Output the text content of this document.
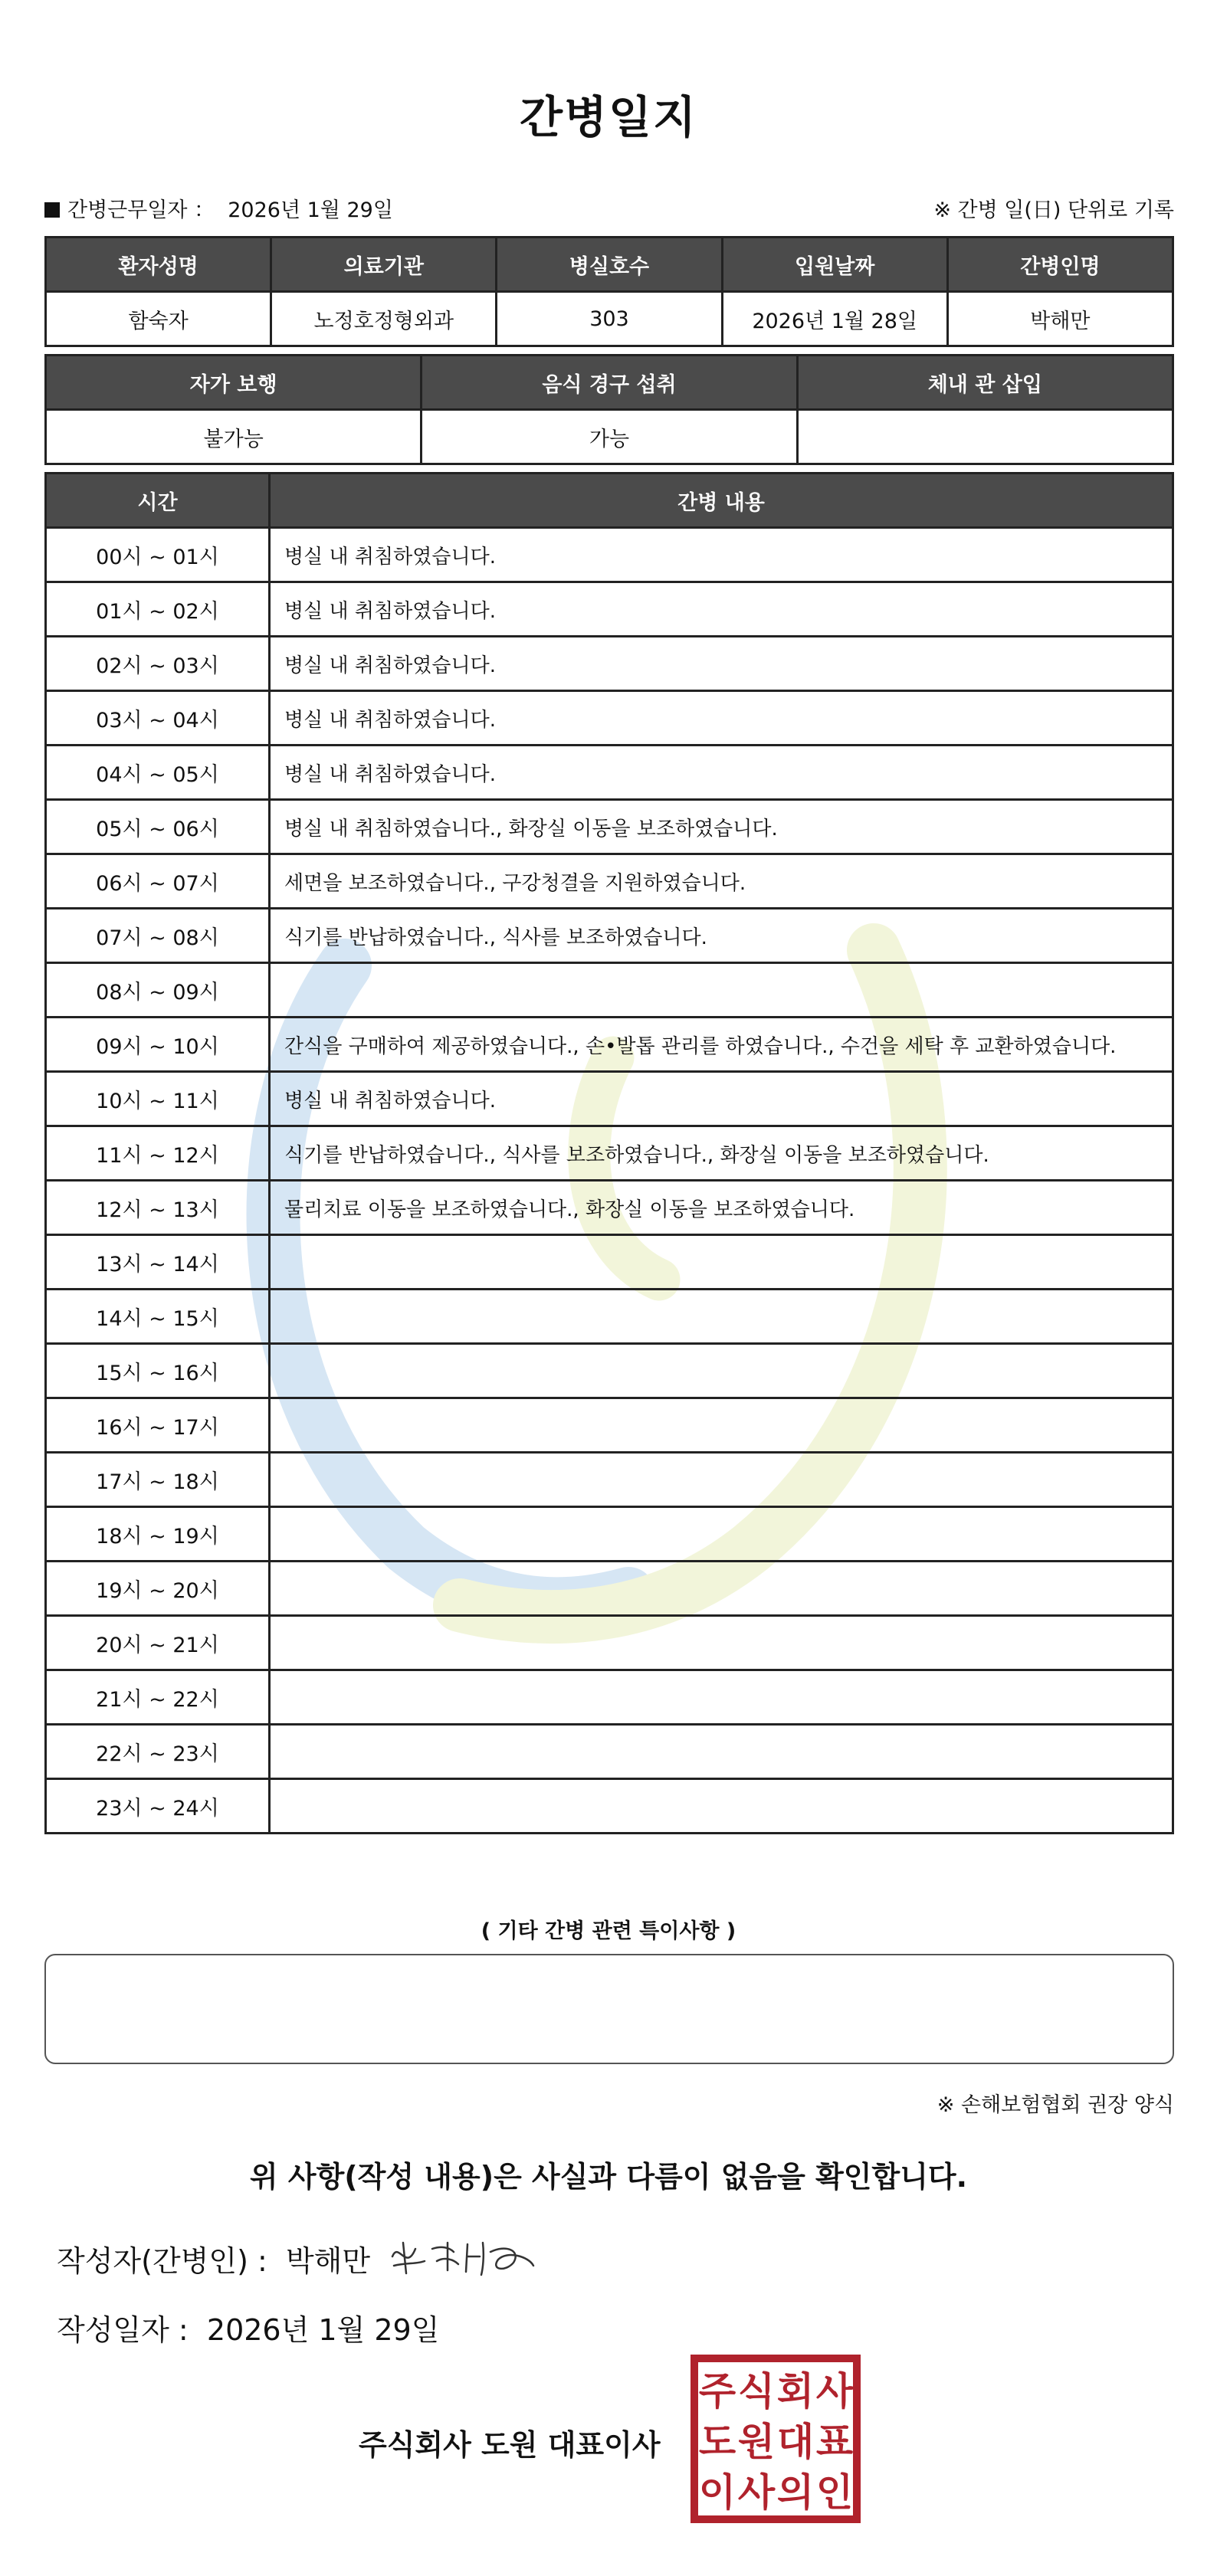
간병일지
간병근무일자 ： 2026년 1월 29일	※ 간병 일(日) 단위로 기록
환자성명	의료기관	병실호수	입원날짜	간병인명
함숙자	노정호정형외과	303	2026년 1월 28일	박해만
자가 보행	음식 경구 섭취	체내 관 삽입
불가능	가능	
시간	간병 내용
00시 ~ 01시	병실 내 취침하였습니다.
01시 ~ 02시	병실 내 취침하였습니다.
02시 ~ 03시	병실 내 취침하였습니다.
03시 ~ 04시	병실 내 취침하였습니다.
04시 ~ 05시	병실 내 취침하였습니다.
05시 ~ 06시	병실 내 취침하였습니다., 화장실 이동을 보조하였습니다.
06시 ~ 07시	세면을 보조하였습니다., 구강청결을 지원하였습니다.
07시 ~ 08시	식기를 반납하였습니다., 식사를 보조하였습니다.
08시 ~ 09시	
09시 ~ 10시	간식을 구매하여 제공하였습니다., 손•발톱 관리를 하였습니다., 수건을 세탁 후 교환하였습니다.
10시 ~ 11시	병실 내 취침하였습니다.
11시 ~ 12시	식기를 반납하였습니다., 식사를 보조하였습니다., 화장실 이동을 보조하였습니다.
12시 ~ 13시	물리치료 이동을 보조하였습니다., 화장실 이동을 보조하였습니다.
13시 ~ 14시	
14시 ~ 15시	
15시 ~ 16시	
16시 ~ 17시	
17시 ~ 18시	
18시 ~ 19시	
19시 ~ 20시	
20시 ~ 21시	
21시 ~ 22시	
22시 ~ 23시	
23시 ~ 24시	
( 기타 간병 관련 특이사항 )
※ 손해보험협회 권장 양식
위 사항(작성 내용)은 사실과 다름이 없음을 확인합니다.
작성자(간병인) : 박해만
작성일자 : 2026년 1월 29일
주식회사 도원 대표이사
주 식 회 사
도 원 대 표
이 사 의 인
